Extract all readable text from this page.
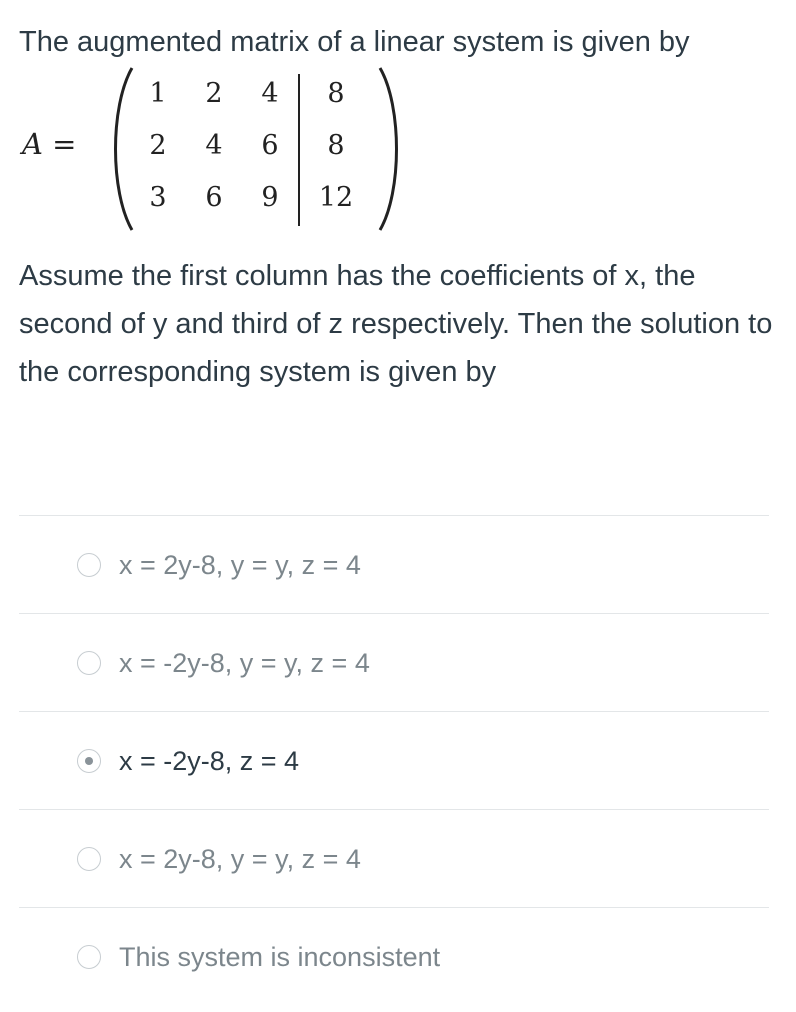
The augmented matrix of a linear system is given by
A =
1	2	4	8
2	4	6	8
3	6	9	12
Assume the first column has the coefficients of x, the second of y and third of z respectively. Then the solution to the corresponding system is given by
x = 2y-8, y = y, z = 4
x = -2y-8, y = y, z = 4
x = -2y-8, z = 4
x = 2y-8, y = y, z = 4
This system is inconsistent
